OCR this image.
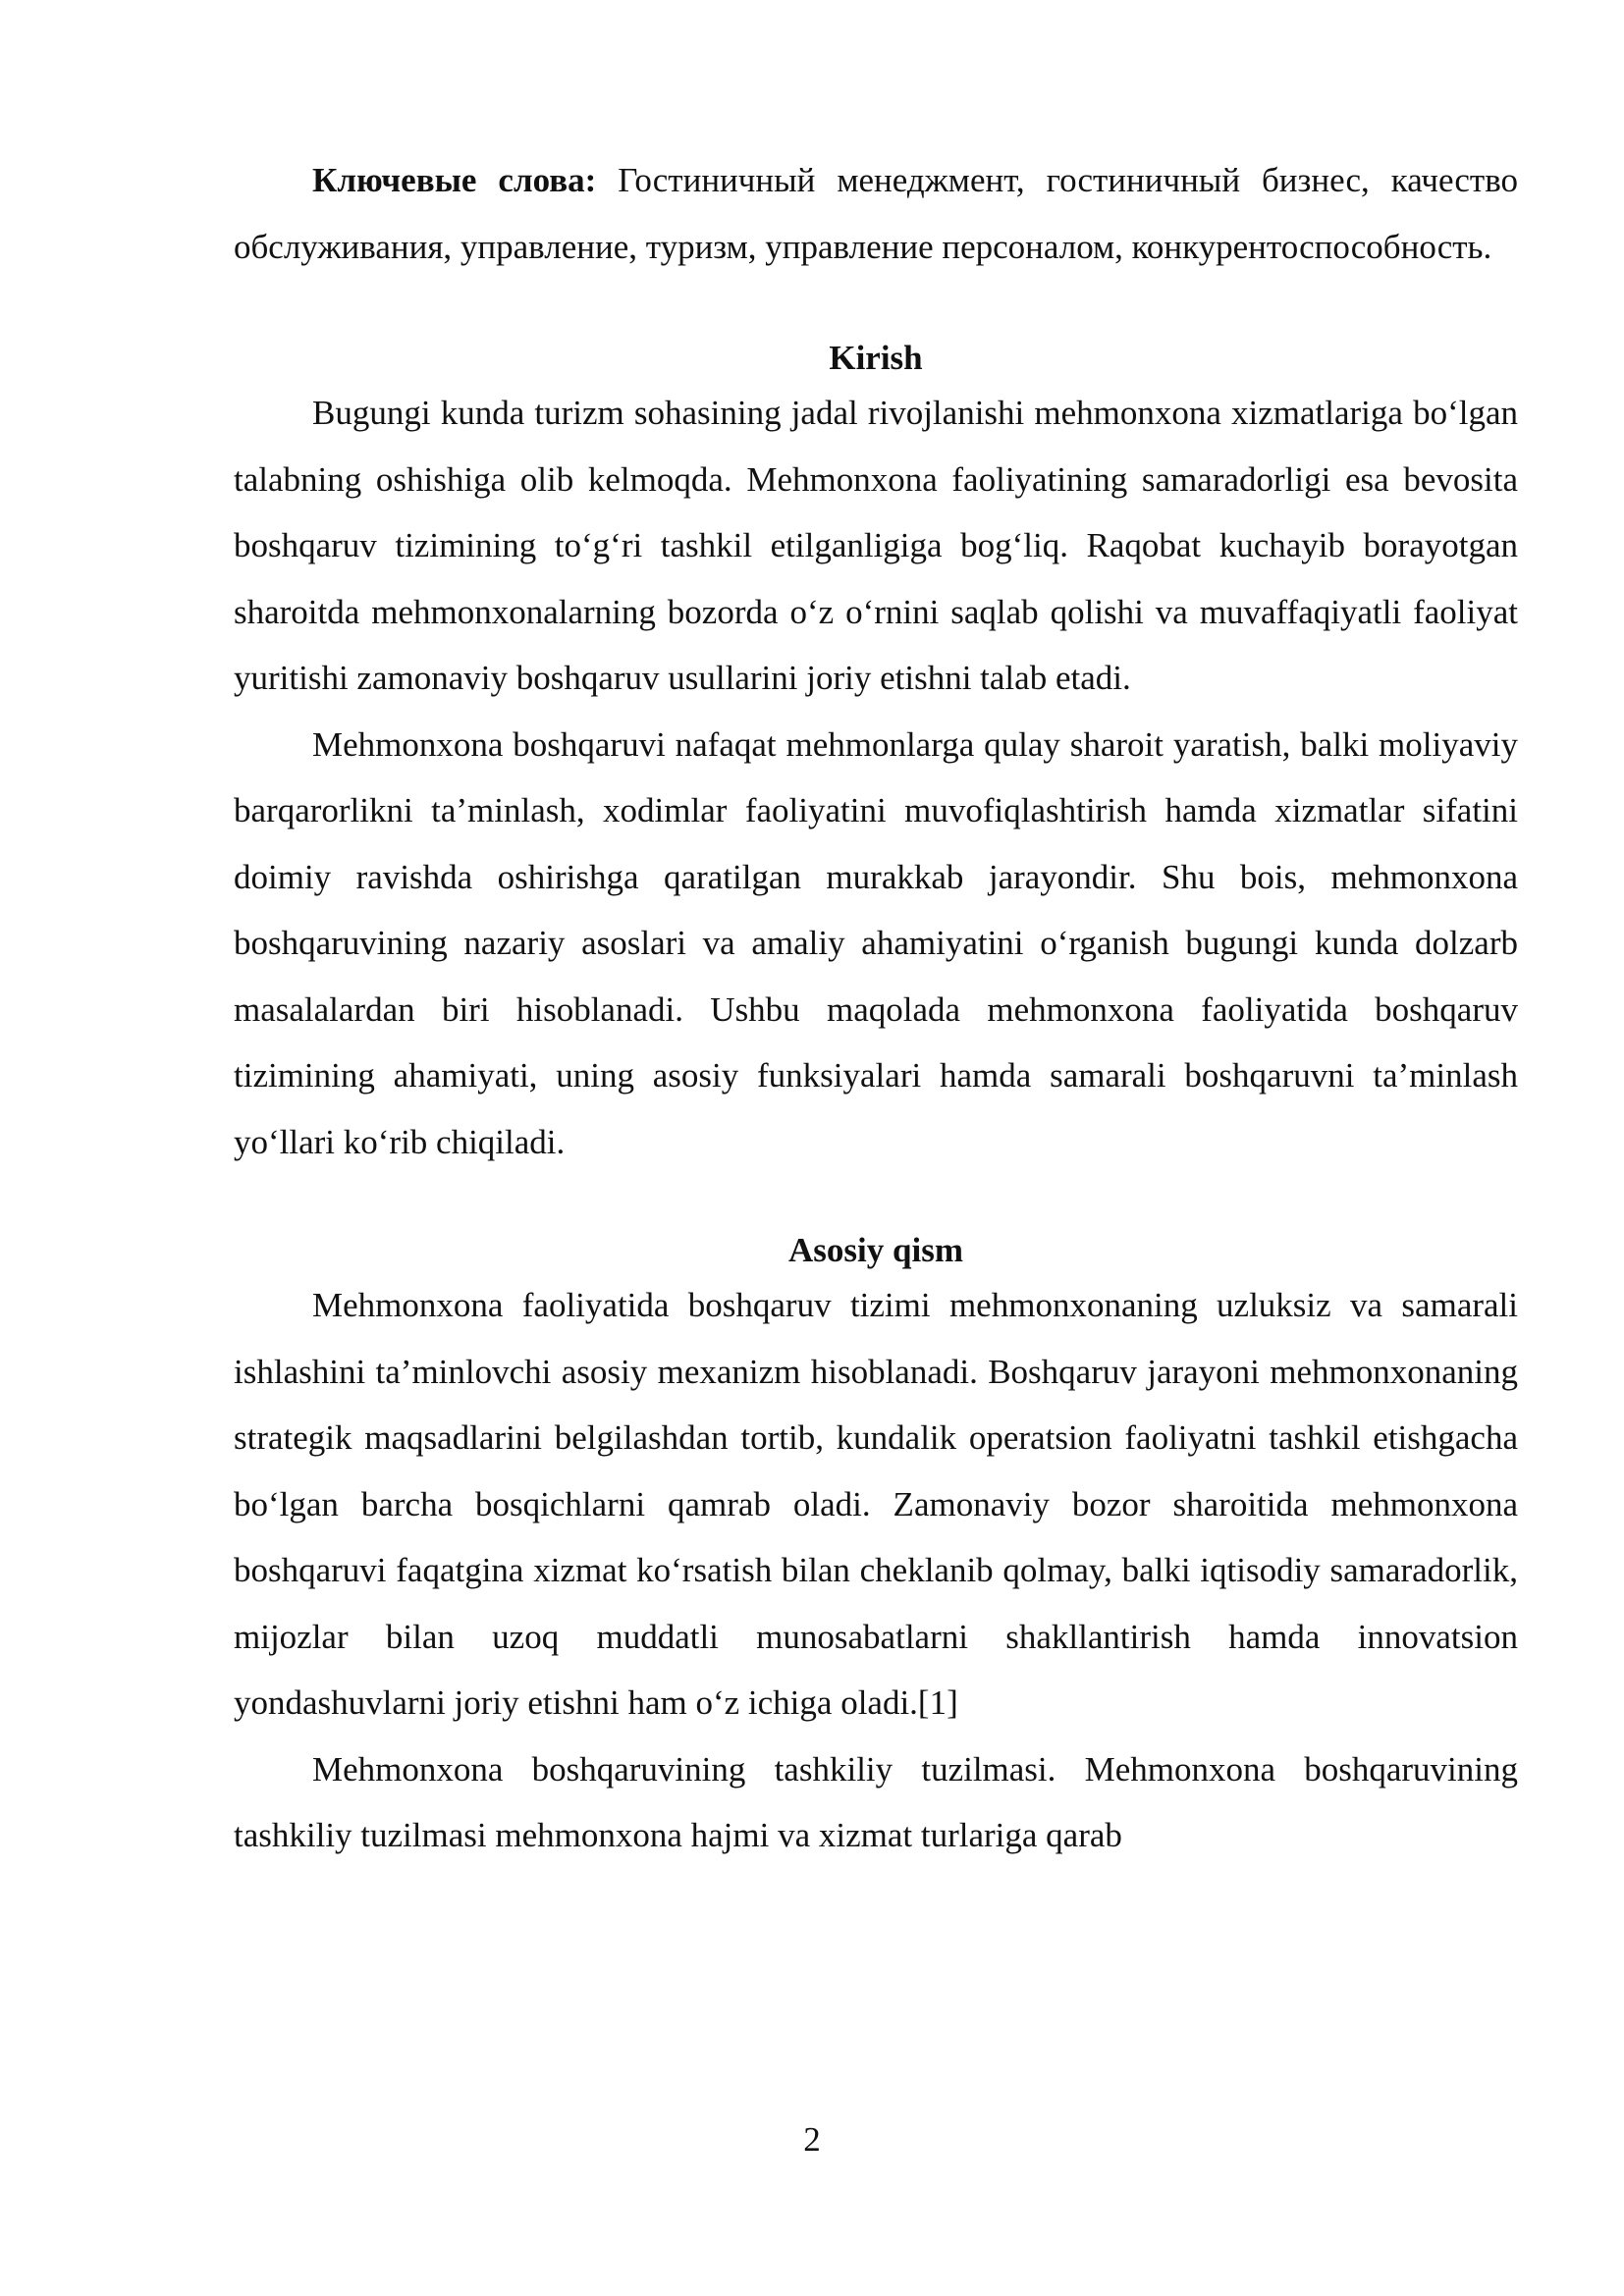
Ключевые слова: Гостиничный менеджмент, гостиничный бизнес, качество обслуживания, управление, туризм, управление персоналом, конкурентоспособность.

Kirish

Bugungi kunda turizm sohasining jadal rivojlanishi mehmonxona xizmatlariga bo‘lgan talabning oshishiga olib kelmoqda. Mehmonxona faoliyatining samaradorligi esa bevosita boshqaruv tizimining to‘g‘ri tashkil etilganligiga bog‘liq. Raqobat kuchayib borayotgan sharoitda mehmonxonalarning bozorda o‘z o‘rnini saqlab qolishi va muvaffaqiyatli faoliyat yuritishi zamonaviy boshqaruv usullarini joriy etishni talab etadi.

Mehmonxona boshqaruvi nafaqat mehmonlarga qulay sharoit yaratish, balki moliyaviy barqarorlikni ta’minlash, xodimlar faoliyatini muvofiqlashtirish hamda xizmatlar sifatini doimiy ravishda oshirishga qaratilgan murakkab jarayondir. Shu bois, mehmonxona boshqaruvining nazariy asoslari va amaliy ahamiyatini o‘rganish bugungi kunda dolzarb masalalardan biri hisoblanadi. Ushbu maqolada mehmonxona faoliyatida boshqaruv tizimining ahamiyati, uning asosiy funksiyalari hamda samarali boshqaruvni ta’minlash yo‘llari ko‘rib chiqiladi.

Asosiy qism

Mehmonxona faoliyatida boshqaruv tizimi mehmonxonaning uzluksiz va samarali ishlashini ta’minlovchi asosiy mexanizm hisoblanadi. Boshqaruv jarayoni mehmonxonaning strategik maqsadlarini belgilashdan tortib, kundalik operatsion faoliyatni tashkil etishgacha bo‘lgan barcha bosqichlarni qamrab oladi. Zamonaviy bozor sharoitida mehmonxona boshqaruvi faqatgina xizmat ko‘rsatish bilan cheklanib qolmay, balki iqtisodiy samaradorlik, mijozlar bilan uzoq muddatli munosabatlarni shakllantirish hamda innovatsion yondashuvlarni joriy etishni ham o‘z ichiga oladi.[1]

Mehmonxona boshqaruvining tashkiliy tuzilmasi. Mehmonxona boshqaruvining tashkiliy tuzilmasi mehmonxona hajmi va xizmat turlariga qarab

2
